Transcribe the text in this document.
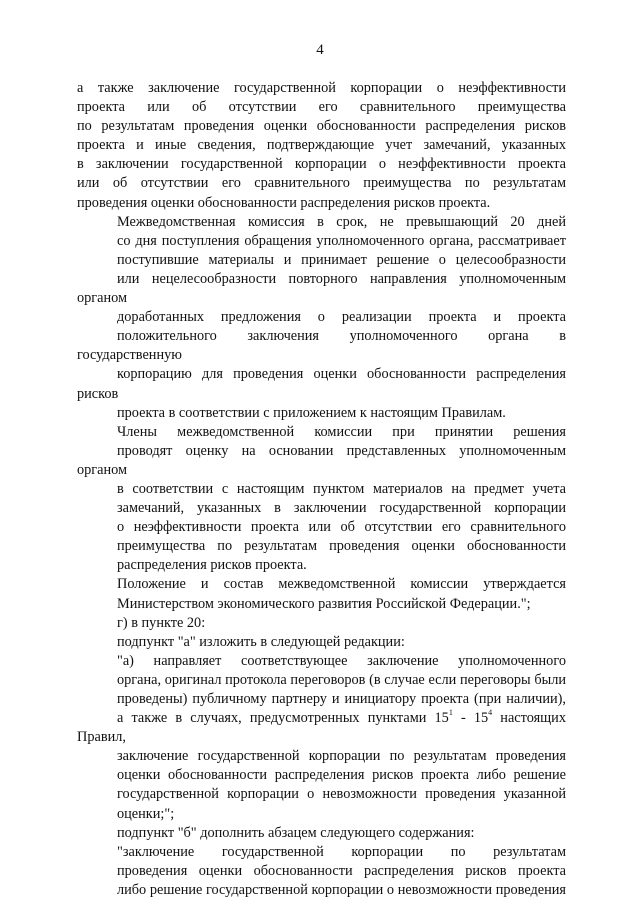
4
а также заключение государственной корпорации о неэффективности
проекта или об отсутствии его сравнительного преимущества
по результатам проведения оценки обоснованности распределения рисков
проекта и иные сведения, подтверждающие учет замечаний, указанных
в заключении государственной корпорации о неэффективности проекта
или об отсутствии его сравнительного преимущества по результатам
проведения оценки обоснованности распределения рисков проекта.
Межведомственная комиссия в срок, не превышающий 20 дней
со дня поступления обращения уполномоченного органа, рассматривает
поступившие материалы и принимает решение о целесообразности
или нецелесообразности повторного направления уполномоченным органом
доработанных предложения о реализации проекта и проекта
положительного заключения уполномоченного органа в государственную
корпорацию для проведения оценки обоснованности распределения рисков
проекта в соответствии с приложением к настоящим Правилам.
Члены межведомственной комиссии при принятии решения
проводят оценку на основании представленных уполномоченным органом
в соответствии с настоящим пунктом материалов на предмет учета
замечаний, указанных в заключении государственной корпорации
о неэффективности проекта или об отсутствии его сравнительного
преимущества по результатам проведения оценки обоснованности
распределения рисков проекта.
Положение и состав межведомственной комиссии утверждается
Министерством экономического развития Российской Федерации.";
г) в пункте 20:
подпункт "а" изложить в следующей редакции:
"а) направляет соответствующее заключение уполномоченного
органа, оригинал протокола переговоров (в случае если переговоры были
проведены) публичному партнеру и инициатору проекта (при наличии),
а также в случаях, предусмотренных пунктами $15^1 - 15^4$ настоящих Правил,
заключение государственной корпорации по результатам проведения
оценки обоснованности распределения рисков проекта либо решение
государственной корпорации о невозможности проведения указанной
оценки;";
подпункт "б" дополнить абзацем следующего содержания:
"заключение государственной корпорации по результатам
проведения оценки обоснованности распределения рисков проекта
либо решение государственной корпорации о невозможности проведения
